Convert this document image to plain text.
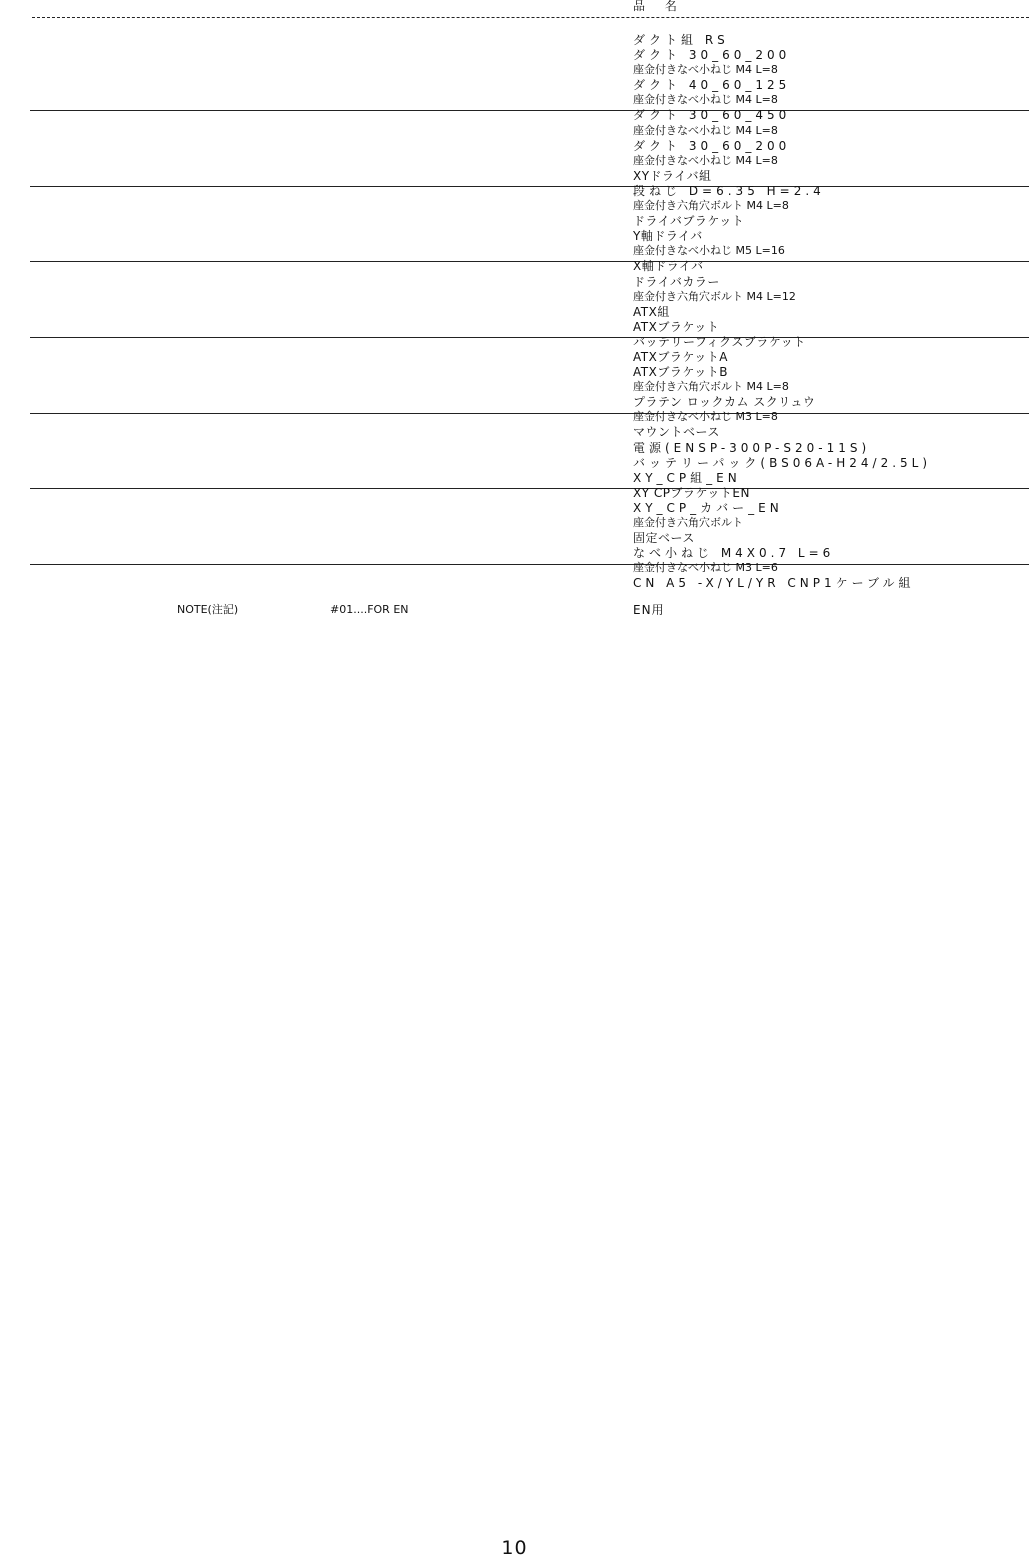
品 名
ダクト組 RS
ダクト 30_60_200
座金付きなべ小ねじ M4 L=8
ダクト 40_60_125
座金付きなべ小ねじ M4 L=8
ダクト 30_60_450
座金付きなべ小ねじ M4 L=8
ダクト 30_60_200
座金付きなべ小ねじ M4 L=8
XYドライバ組
段ねじ D=6.35 H=2.4
座金付き六角穴ボルト M4 L=8
ドライバブラケット
Y軸ドライバ
座金付きなべ小ねじ M5 L=16
X軸ドライバ
ドライバカラー
座金付き六角穴ボルト M4 L=12
ATX組
ATXブラケット
バッテリーフィクスブラケット
ATXブラケットA
ATXブラケットB
座金付き六角穴ボルト M4 L=8
プラテン ロックカム スクリュウ
座金付きなべ小ねじ M3 L=8
マウントベース
電源(ENSP-300P-S20-11S)
バッテリーパック(BS06A-H24/2.5L)
XY_CP組_EN
XY CPブラケットEN
XY_CP_カバー_EN
座金付き六角穴ボルト
固定ベース
なべ小ねじ M4X0.7 L=6
座金付きなべ小ねじ M3 L=6
CN A5 -X/YL/YR CNP1ケーブル組
NOTE(注記)	#01....FOR EN	EN用
10
